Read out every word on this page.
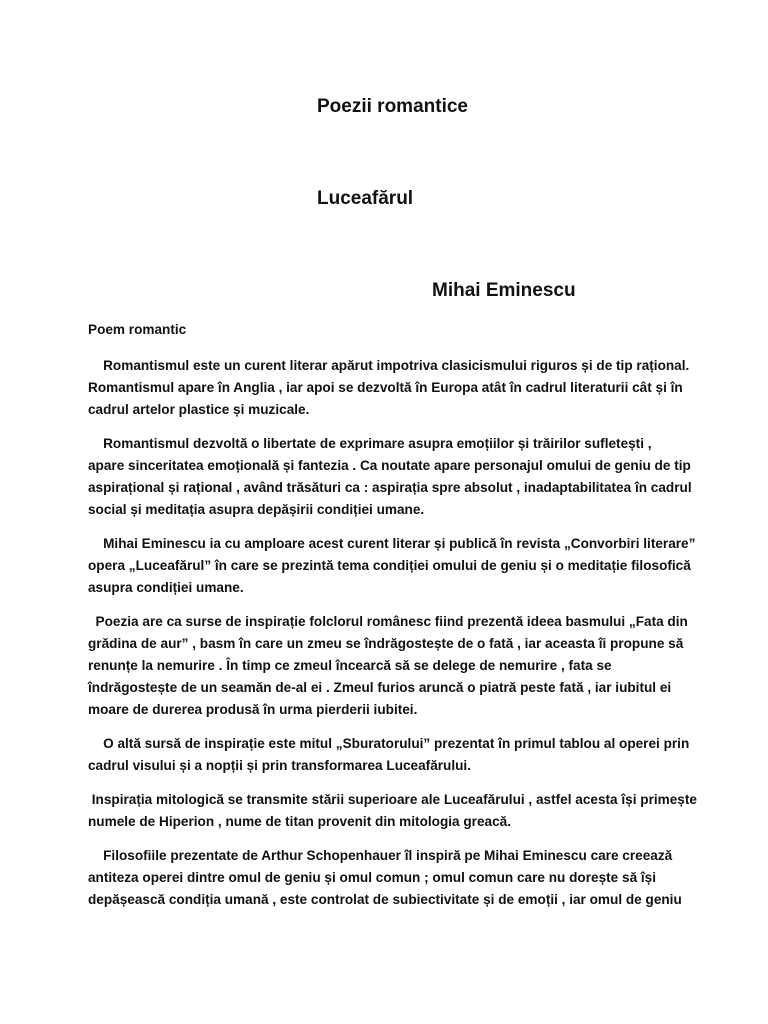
Poezii romantice
Luceafărul
Mihai Eminescu
Poem romantic
Romantismul este un curent literar apărut impotriva clasicismului riguros și de tip rațional.
Romantismul apare în Anglia , iar apoi se dezvoltă în Europa atât în cadrul literaturii cât și în
cadrul artelor plastice și muzicale.
Romantismul dezvoltă o libertate de exprimare asupra emoțiilor și trăirilor sufletești ,
apare sinceritatea emoțională și fantezia . Ca noutate apare personajul omului de geniu de tip
aspirațional și rațional , având trăsături ca : aspirația spre absolut , inadaptabilitatea în cadrul
social și meditația asupra depășirii condiției umane.
Mihai Eminescu ia cu amploare acest curent literar și publică în revista „Convorbiri literare”
opera „Luceafărul” în care se prezintă tema condiției omului de geniu și o meditație filosofică
asupra condiției umane.
Poezia are ca surse de inspirație folclorul românesc fiind prezentă ideea basmului „Fata din
grădina de aur” , basm în care un zmeu se îndrăgostește de o fată , iar aceasta îi propune să
renunțe la nemurire . În timp ce zmeul încearcă să se delege de nemurire , fata se
îndrăgostește de un seamăn de-al ei . Zmeul furios aruncă o piatră peste fată , iar iubitul ei
moare de durerea produsă în urma pierderii iubitei.
O altă sursă de inspirație este mitul „Sburatorului” prezentat în primul tablou al operei prin
cadrul visului și a nopții și prin transformarea Luceafărului.
Inspirația mitologică se transmite stării superioare ale Luceafărului , astfel acesta își primește
numele de Hiperion , nume de titan provenit din mitologia greacă.
Filosofiile prezentate de Arthur Schopenhauer îl inspiră pe Mihai Eminescu care creează
antiteza operei dintre omul de geniu și omul comun ; omul comun care nu dorește să își
depășească condiția umană , este controlat de subiectivitate și de emoții , iar omul de geniu
